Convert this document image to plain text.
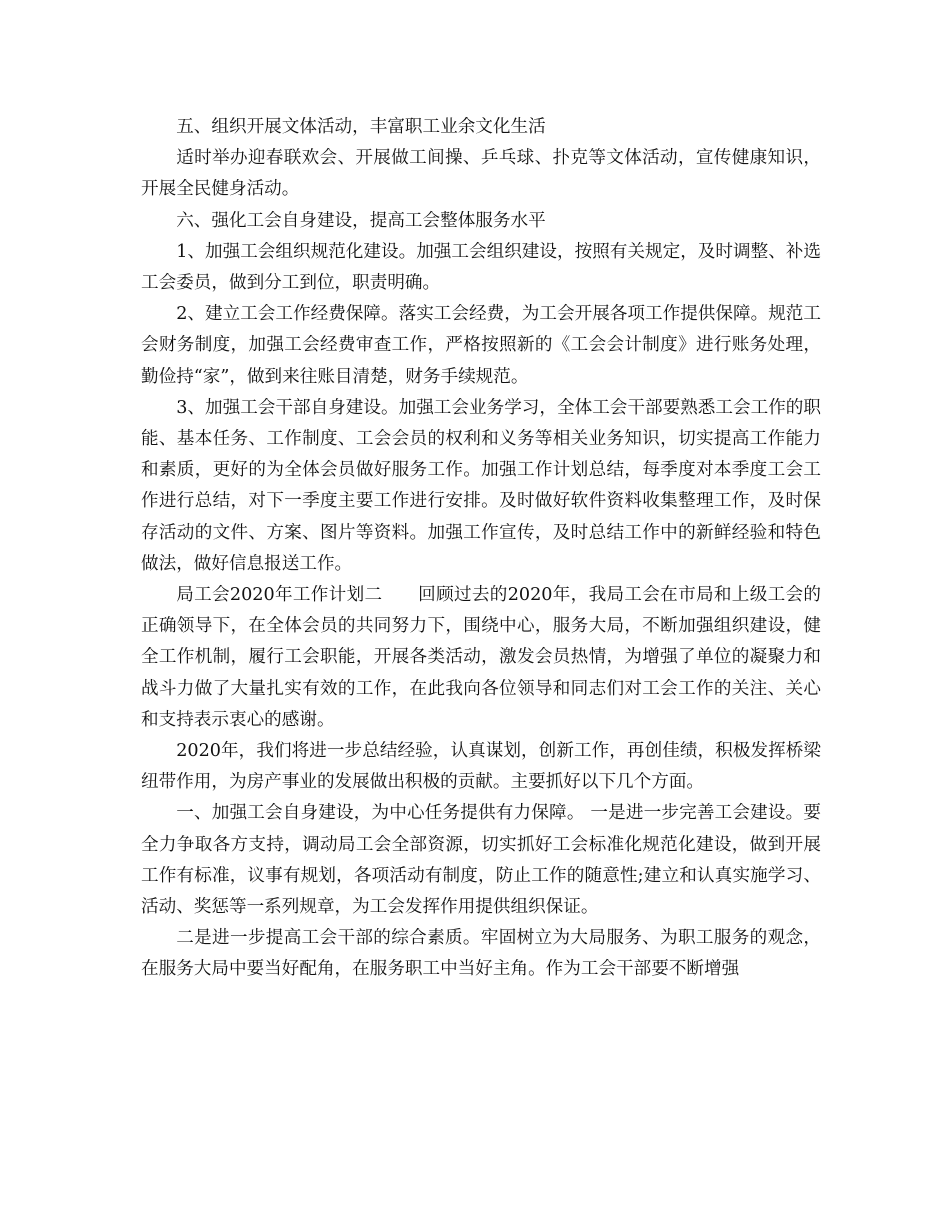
五、组织开展文体活动，丰富职工业余文化生活

适时举办迎春联欢会、开展做工间操、乒乓球、扑克等文体活动，宣传健康知识，开展全民健身活动。

六、强化工会自身建设，提高工会整体服务水平

1、加强工会组织规范化建设。加强工会组织建设，按照有关规定，及时调整、补选工会委员，做到分工到位，职责明确。

2、建立工会工作经费保障。落实工会经费，为工会开展各项工作提供保障。规范工会财务制度，加强工会经费审查工作，严格按照新的《工会会计制度》进行账务处理，勤俭持“家”，做到来往账目清楚，财务手续规范。

3、加强工会干部自身建设。加强工会业务学习，全体工会干部要熟悉工会工作的职能、基本任务、工作制度、工会会员的权利和义务等相关业务知识，切实提高工作能力和素质，更好的为全体会员做好服务工作。加强工作计划总结，每季度对本季度工会工作进行总结，对下一季度主要工作进行安排。及时做好软件资料收集整理工作，及时保存活动的文件、方案、图片等资料。加强工作宣传，及时总结工作中的新鲜经验和特色做法，做好信息报送工作。

局工会2020年工作计划二　　回顾过去的2020年，我局工会在市局和上级工会的正确领导下，在全体会员的共同努力下，围绕中心，服务大局，不断加强组织建设，健全工作机制，履行工会职能，开展各类活动，激发会员热情，为增强了单位的凝聚力和战斗力做了大量扎实有效的工作，在此我向各位领导和同志们对工会工作的关注、关心和支持表示衷心的感谢。

2020年，我们将进一步总结经验，认真谋划，创新工作，再创佳绩，积极发挥桥梁纽带作用，为房产事业的发展做出积极的贡献。主要抓好以下几个方面。

一、加强工会自身建设，为中心任务提供有力保障。 一是进一步完善工会建设。要全力争取各方支持，调动局工会全部资源，切实抓好工会标准化规范化建设，做到开展工作有标准，议事有规划，各项活动有制度，防止工作的随意性;建立和认真实施学习、活动、奖惩等一系列规章，为工会发挥作用提供组织保证。

二是进一步提高工会干部的综合素质。牢固树立为大局服务、为职工服务的观念，在服务大局中要当好配角，在服务职工中当好主角。作为工会干部要不断增强
